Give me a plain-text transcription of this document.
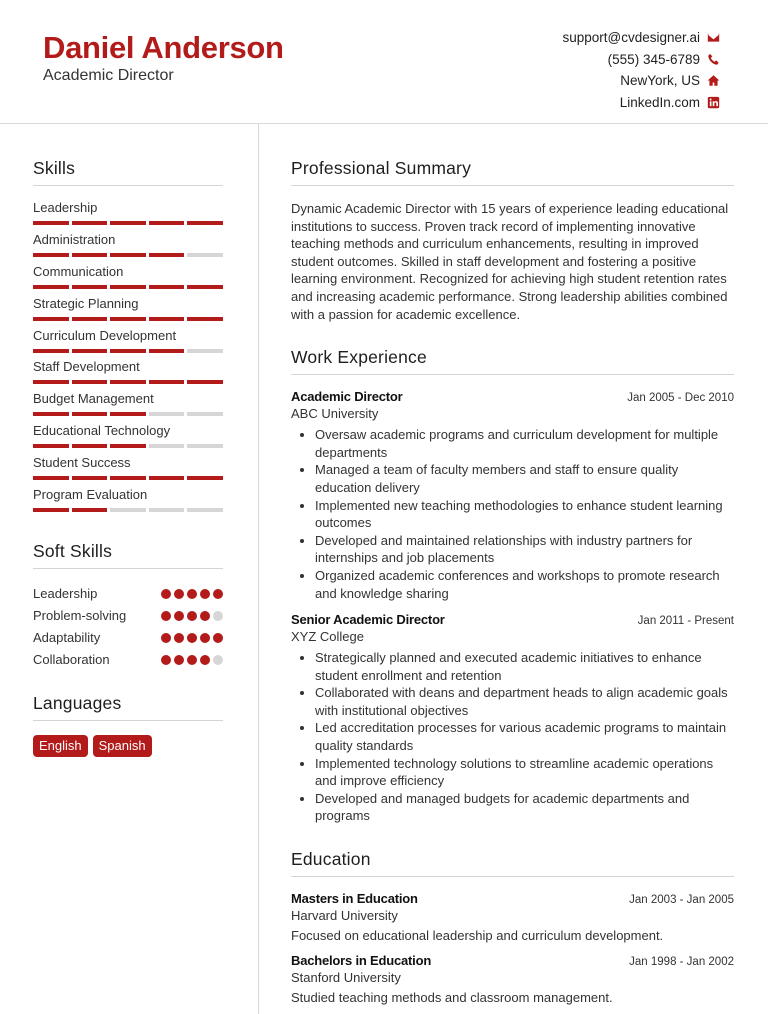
Daniel Anderson
Academic Director
support@cvdesigner.ai
(555) 345-6789
NewYork, US
LinkedIn.com
Skills
Leadership
Administration
Communication
Strategic Planning
Curriculum Development
Staff Development
Budget Management
Educational Technology
Student Success
Program Evaluation
Soft Skills
Leadership
Problem-solving
Adaptability
Collaboration
Languages
English	Spanish
Professional Summary

Dynamic Academic Director with 15 years of experience leading educational institutions to success. Proven track record of implementing innovative teaching methods and curriculum enhancements, resulting in improved student outcomes. Skilled in staff development and fostering a positive learning environment. Recognized for achieving high student retention rates and increasing academic performance. Strong leadership abilities combined with a passion for academic excellence.

Work Experience
Academic Director	Jan 2005 - Dec 2010
ABC University
• Oversaw academic programs and curriculum development for multiple departments
• Managed a team of faculty members and staff to ensure quality education delivery
• Implemented new teaching methodologies to enhance student learning outcomes
• Developed and maintained relationships with industry partners for internships and job placements
• Organized academic conferences and workshops to promote research and knowledge sharing
Senior Academic Director	Jan 2011 - Present
XYZ College
• Strategically planned and executed academic initiatives to enhance student enrollment and retention
• Collaborated with deans and department heads to align academic goals with institutional objectives
• Led accreditation processes for various academic programs to maintain quality standards
• Implemented technology solutions to streamline academic operations and improve efficiency
• Developed and managed budgets for academic departments and programs
Education
Masters in Education	Jan 2003 - Jan 2005
Harvard University
Focused on educational leadership and curriculum development.
Bachelors in Education	Jan 1998 - Jan 2002
Stanford University
Studied teaching methods and classroom management.
